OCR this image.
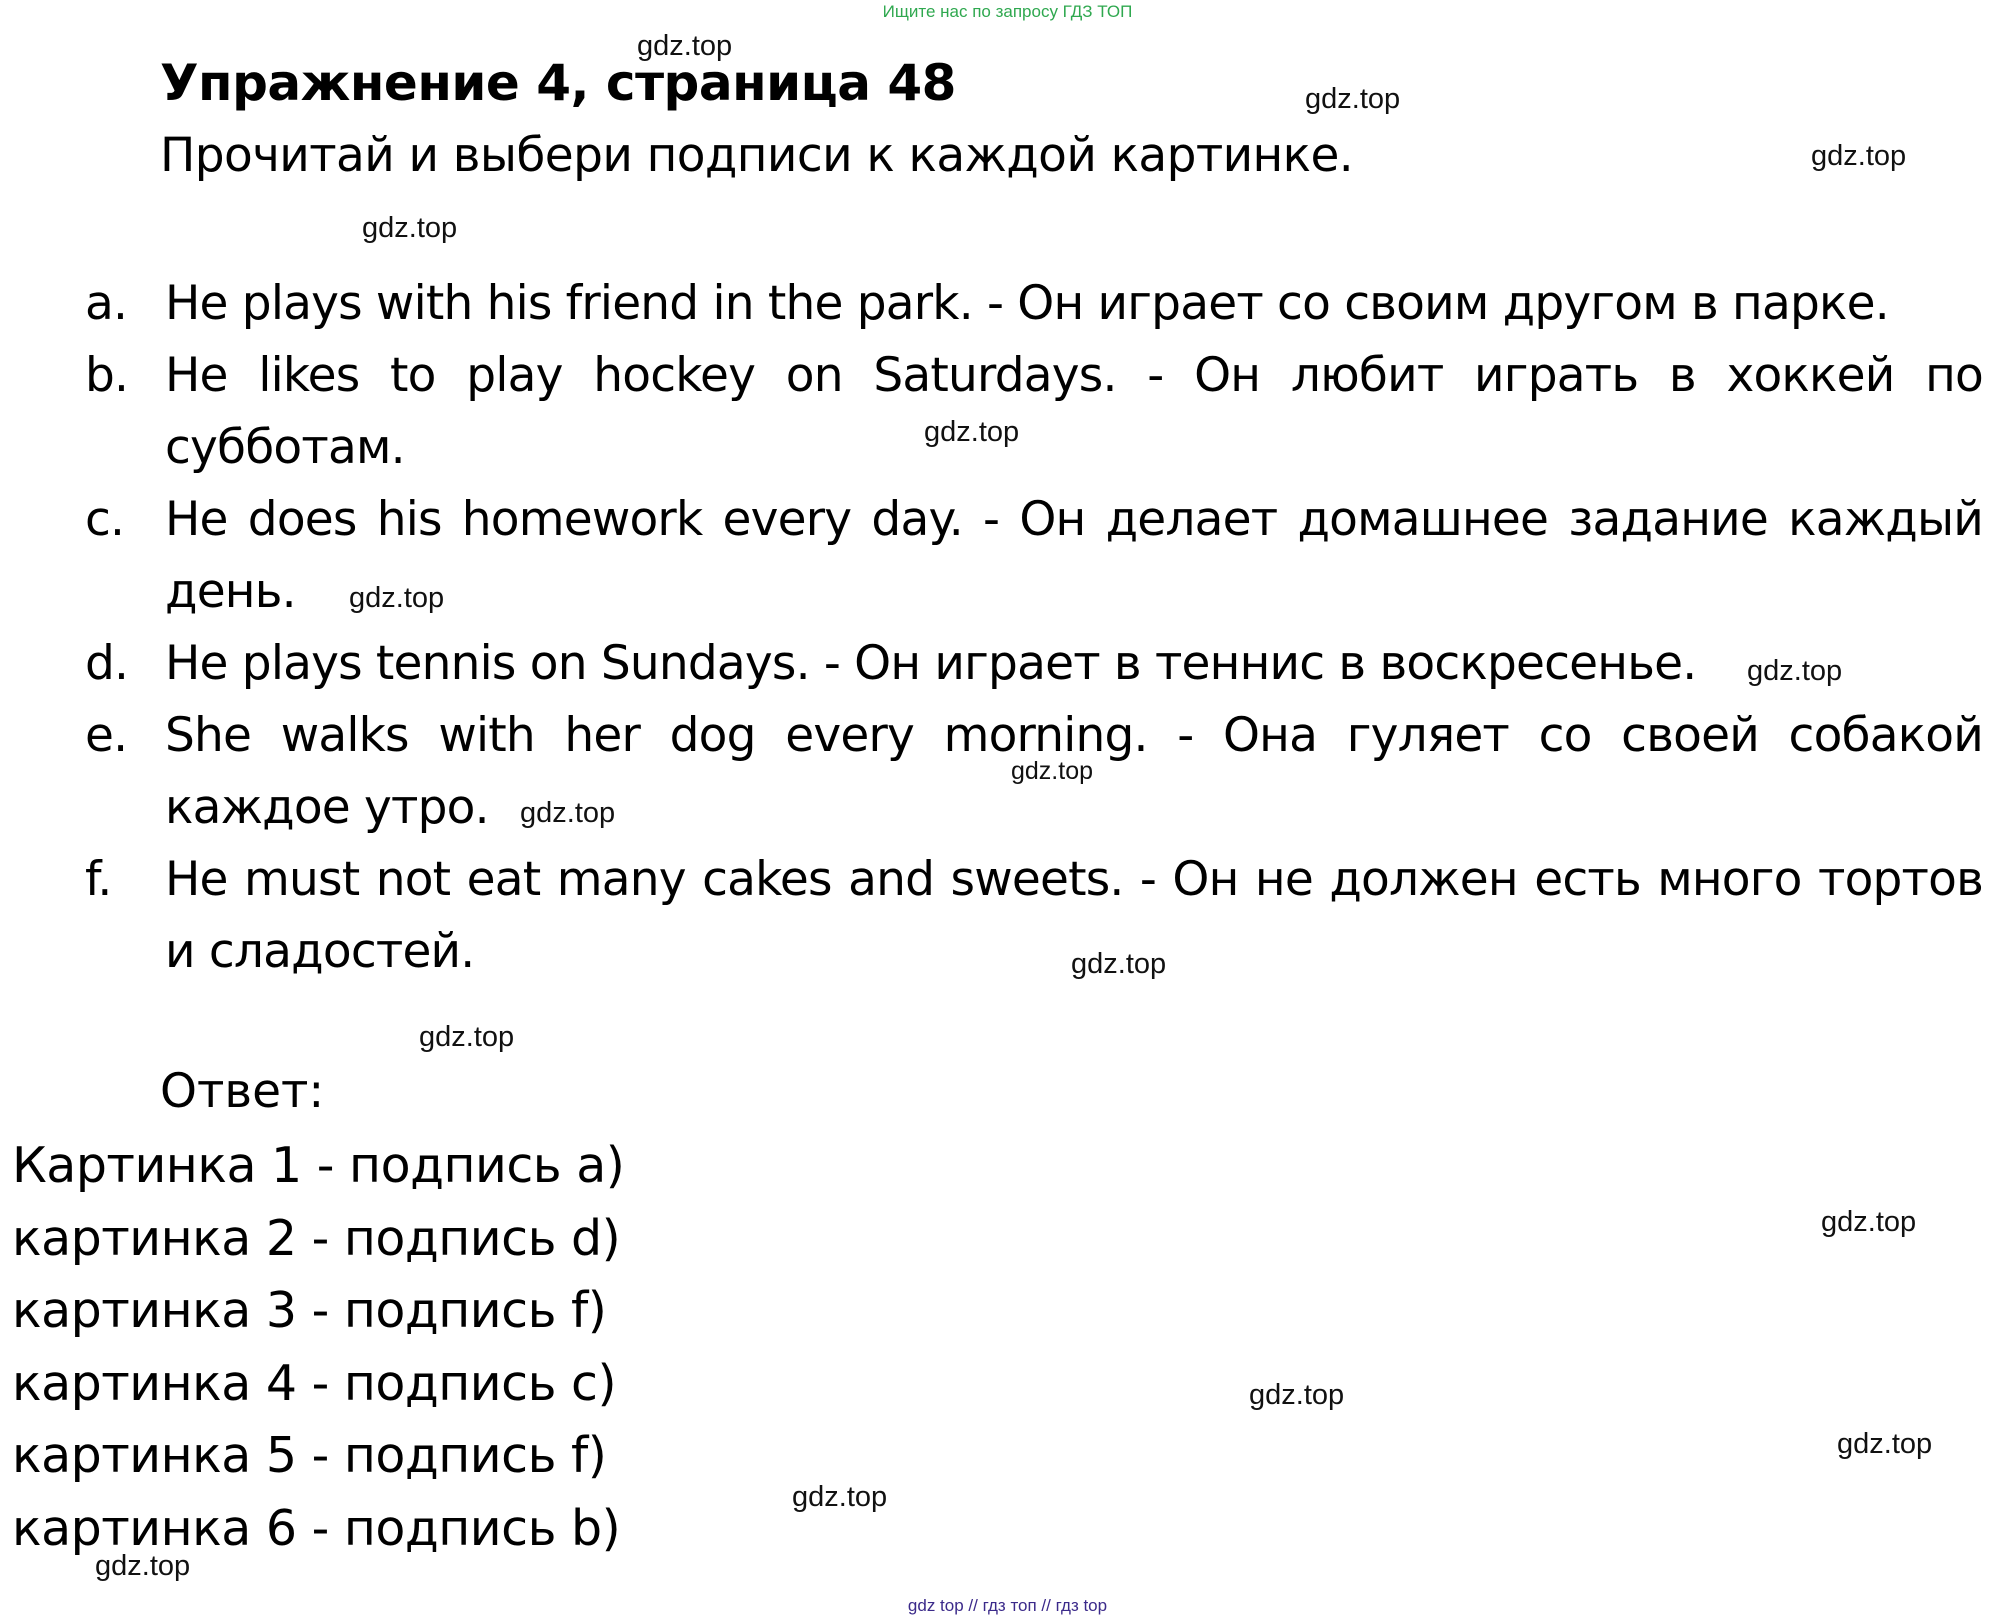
Ищите нас по запросу ГДЗ ТОП
Упражнение 4, страница 48
Прочитай и выбери подписи к каждой картинке.
a. He plays with his friend in the park. - Он играет со своим другом в парке.
b. He likes to play hockey on Saturdays. - Он любит играть в хоккей по субботам.
c. He does his homework every day. - Он делает домашнее задание каждый день.
d. He plays tennis on Sundays. - Он играет в теннис в воскресенье.
e. She walks with her dog every morning. - Она гуляет со своей собакой каждое утро.
f. He must not eat many cakes and sweets. - Он не должен есть много тортов и сладостей.
Ответ:
Картинка 1 - подпись a)
картинка 2 - подпись d)
картинка 3 - подпись f)
картинка 4 - подпись c)
картинка 5 - подпись f)
картинка 6 - подпись b)
gdz.top
gdz.top
gdz.top
gdz.top
gdz.top
gdz.top
gdz.top
gdz.top
gdz.top
gdz.top
gdz.top
gdz.top
gdz.top
gdz.top
gdz.top
gdz.top
gdz top // гдз топ // гдз top
